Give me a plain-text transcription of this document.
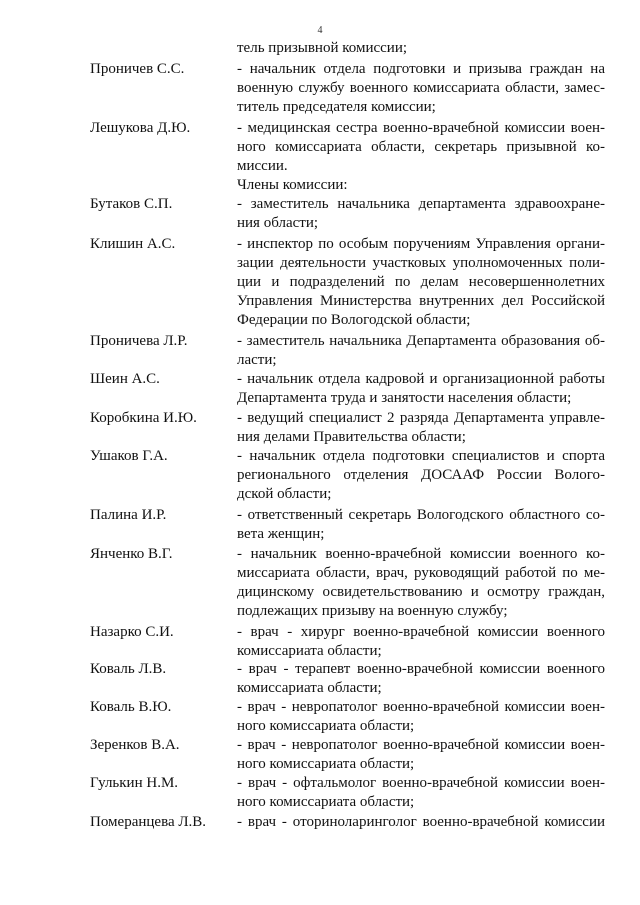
4
тель призывной комиссии;
Проничев С.С.	- начальник отдела подготовки и призыва граждан на
военную службу военного комиссариата области, замес-
титель председателя комиссии;
Лешукова Д.Ю.	- медицинская сестра военно-врачебной комиссии воен-
ного комиссариата области, секретарь призывной ко-
миссии.
Члены комиссии:
Бутаков С.П.	- заместитель начальника департамента здравоохране-
ния области;
Клишин А.С.	- инспектор по особым поручениям Управления органи-
зации деятельности участковых уполномоченных поли-
ции и подразделений по делам несовершеннолетних
Управления Министерства внутренних дел Российской
Федерации по Вологодской области;
Проничева Л.Р.	- заместитель начальника Департамента образования об-
ласти;
Шеин А.С.	- начальник отдела кадровой и организационной работы
Департамента труда и занятости населения области;
Коробкина И.Ю.	- ведущий специалист 2 разряда Департамента управле-
ния делами Правительства области;
Ушаков Г.А.	- начальник отдела подготовки специалистов и спорта
регионального отделения ДОСААФ России Волого-
дской области;
Палина И.Р.	- ответственный секретарь Вологодского областного со-
вета женщин;
Янченко В.Г.	- начальник военно-врачебной комиссии военного ко-
миссариата области, врач, руководящий работой по ме-
дицинскому освидетельствованию и осмотру граждан,
подлежащих призыву на военную службу;
Назарко С.И.	- врач - хирург военно-врачебной комиссии военного
комиссариата области;
Коваль Л.В.	- врач - терапевт военно-врачебной комиссии военного
комиссариата области;
Коваль В.Ю.	- врач - невропатолог военно-врачебной комиссии воен-
ного комиссариата области;
Зеренков В.А.	- врач - невропатолог военно-врачебной комиссии воен-
ного комиссариата области;
Гулькин Н.М.	- врач - офтальмолог военно-врачебной комиссии воен-
ного комиссариата области;
Померанцева Л.В. - врач - оториноларинголог военно-врачебной комиссии
